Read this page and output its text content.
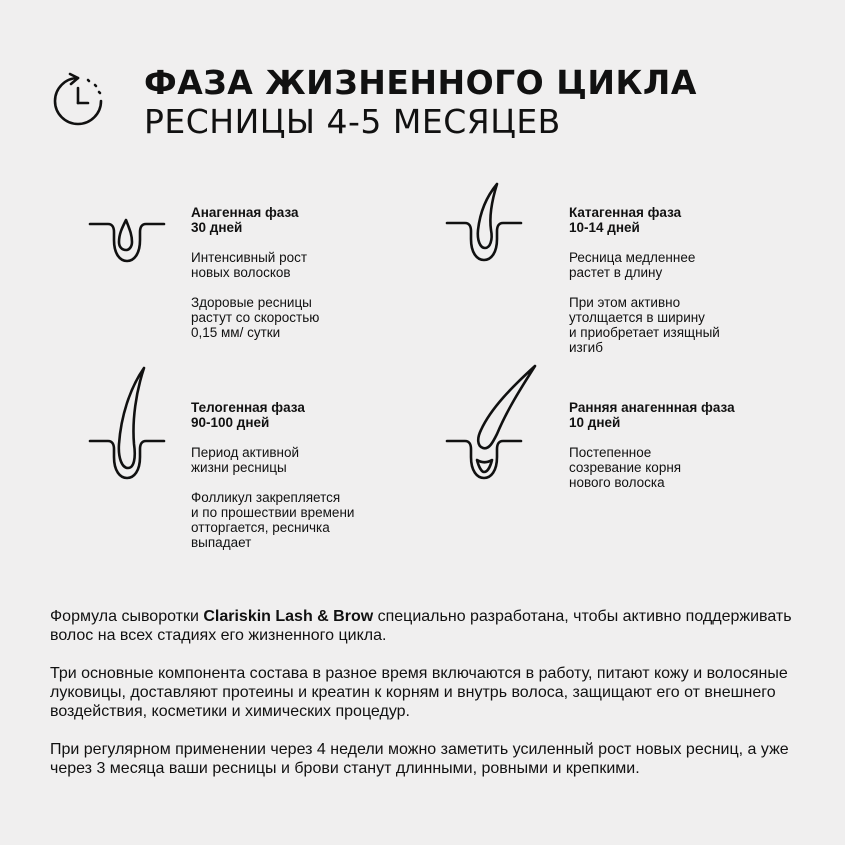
ФАЗА ЖИЗНЕННОГО ЦИКЛА
РЕСНИЦЫ 4-5 МЕСЯЦЕВ
Анагенная фаза
30 дней
Интенсивный рост
новых волосков
Здоровые ресницы
растут со скоростью
0,15 мм/ сутки
Катагенная фаза
10-14 дней
Ресница медленнее
растет в длину
При этом активно
утолщается в ширину
и приобретает изящный
изгиб
Телогенная фаза
90-100 дней
Период активной
жизни ресницы
Фолликул закрепляется
и по прошествии времени
отторгается, ресничка
выпадает
Ранняя анагеннная фаза
10 дней
Постепенное
созревание корня
нового волоска

Формула сыворотки Clariskin Lash & Brow специально разработана, чтобы активно поддерживать волос на всех стадиях его жизненного цикла.

Три основные компонента состава в разное время включаются в работу, питают кожу и волосяные луковицы, доставляют протеины и креатин к корням и внутрь волоса, защищают его от внешнего воздействия, косметики и химических процедур.

При регулярном применении через 4 недели можно заметить усиленный рост новых ресниц, а уже через 3 месяца ваши ресницы и брови станут длинными, ровными и крепкими.
